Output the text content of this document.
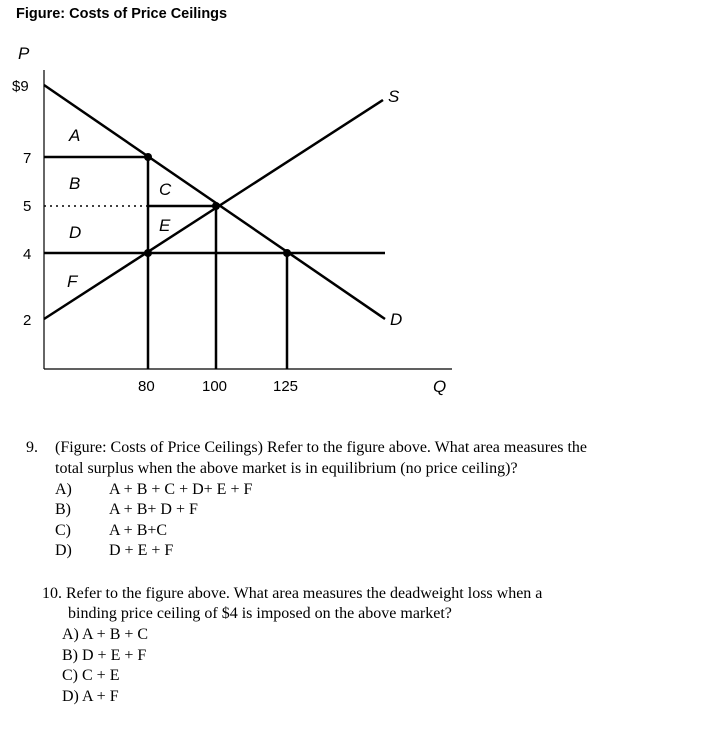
Figure: Costs of Price Ceilings
P
Q
$9
7
5
4
2
80	100	125
S
D
A
B	C
D	E
F
9. (Figure: Costs of Price Ceilings) Refer to the figure above. What area measures the
total surplus when the above market is in equilibrium (no price ceiling)?
A) A + B + C + D+ E + F
B) A + B+ D + F
C) A + B+C
D) D + E + F
10. Refer to the figure above. What area measures the deadweight loss when a
binding price ceiling of $4 is imposed on the above market?
A) A + B + C
B) D + E + F
C) C + E
D) A + F
